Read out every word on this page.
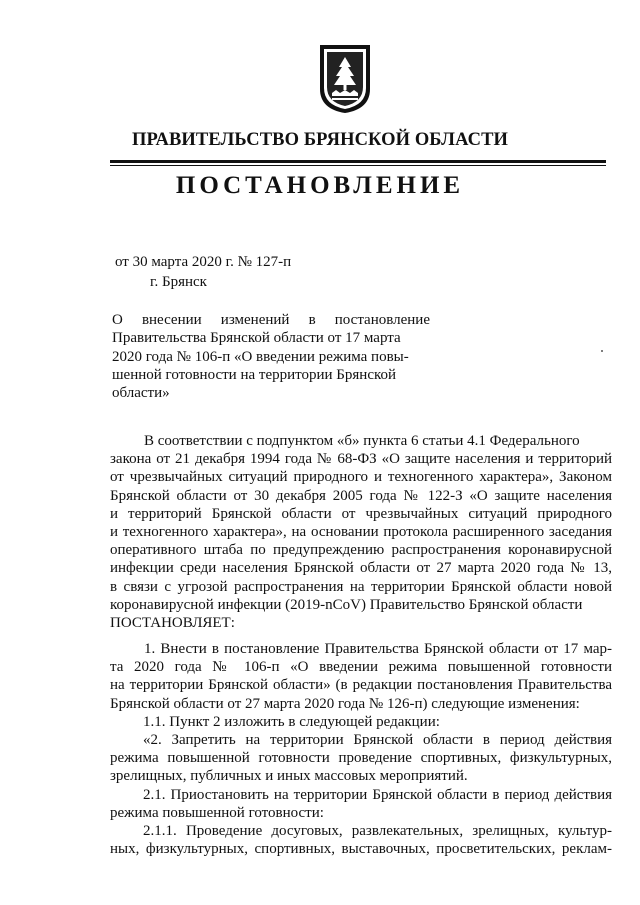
ПРАВИТЕЛЬСТВО БРЯНСКОЙ ОБЛАСТИ
ПОСТАНОВЛЕНИЕ
от 30 марта 2020 г. № 127-п
г. Брянск
О внесении изменений в постановление
Правительства Брянской области от 17 марта
2020 года № 106-п «О введении режима повы-
шенной готовности на территории Брянской
области»
В соответствии с подпунктом «б» пункта 6 статьи 4.1 Федерального
закона от 21 декабря 1994 года № 68-ФЗ «О защите населения и территорий
от чрезвычайных ситуаций природного и техногенного характера», Законом
Брянской области от 30 декабря 2005 года № 122-З «О защите населения
и территорий Брянской области от чрезвычайных ситуаций природного
и техногенного характера», на основании протокола расширенного заседания
оперативного штаба по предупреждению распространения коронавирусной
инфекции среди населения Брянской области от 27 марта 2020 года № 13,
в связи с угрозой распространения на территории Брянской области новой
коронавирусной инфекции (2019-nCoV) Правительство Брянской области
ПОСТАНОВЛЯЕТ:
1. Внести в постановление Правительства Брянской области от 17 мар-
та 2020 года № 106-п «О введении режима повышенной готовности
на территории Брянской области» (в редакции постановления Правительства
Брянской области от 27 марта 2020 года № 126-п) следующие изменения:
1.1. Пункт 2 изложить в следующей редакции:
«2. Запретить на территории Брянской области в период действия
режима повышенной готовности проведение спортивных, физкультурных,
зрелищных, публичных и иных массовых мероприятий.
2.1. Приостановить на территории Брянской области в период действия
режима повышенной готовности:
2.1.1. Проведение досуговых, развлекательных, зрелищных, культур-
ных, физкультурных, спортивных, выставочных, просветительских, реклам-
